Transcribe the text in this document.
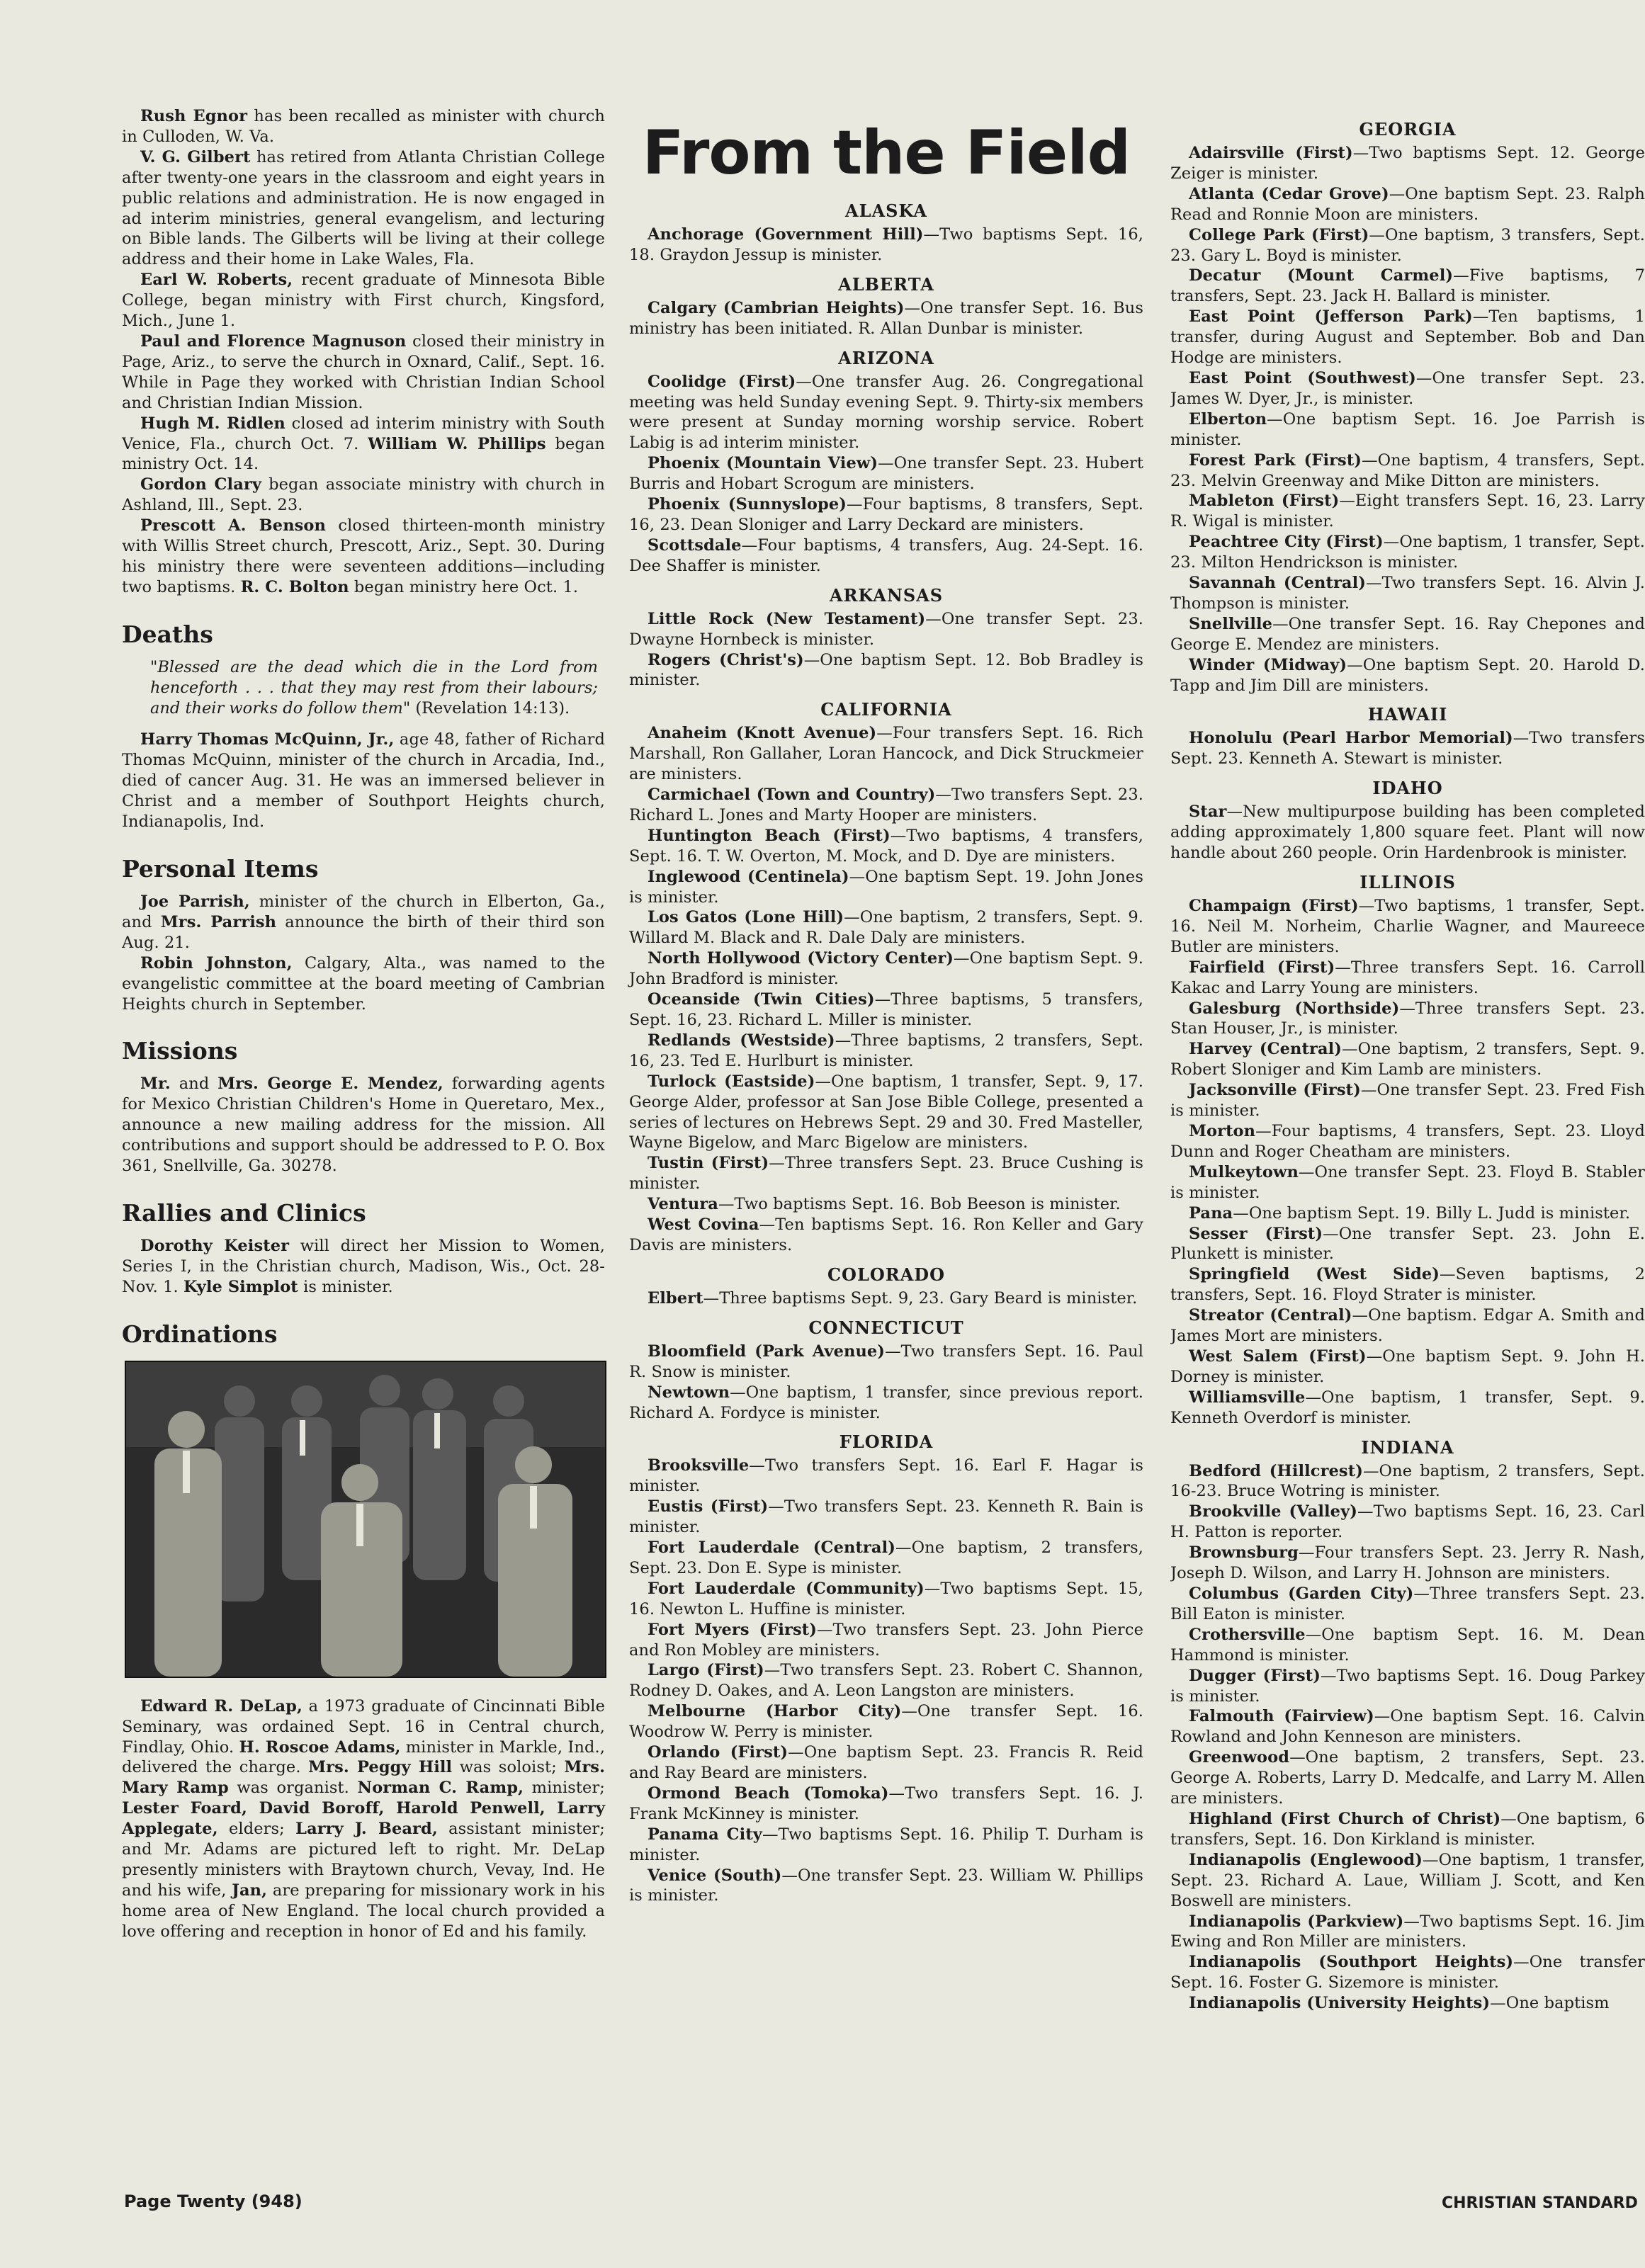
Rush Egnor has been recalled as minister with church in Culloden, W. Va.

V. G. Gilbert has retired from Atlanta Christian College after twenty-one years in the classroom and eight years in public relations and administration. He is now engaged in ad interim ministries, general evangelism, and lecturing on Bible lands. The Gilberts will be living at their college address and their home in Lake Wales, Fla.

Earl W. Roberts, recent graduate of Minnesota Bible College, began ministry with First church, Kingsford, Mich., June 1.

Paul and Florence Magnuson closed their ministry in Page, Ariz., to serve the church in Oxnard, Calif., Sept. 16. While in Page they worked with Christian Indian School and Christian Indian Mission.

Hugh M. Ridlen closed ad interim ministry with South Venice, Fla., church Oct. 7. William W. Phillips began ministry Oct. 14.

Gordon Clary began associate ministry with church in Ashland, Ill., Sept. 23.

Prescott A. Benson closed thirteen-month ministry with Willis Street church, Prescott, Ariz., Sept. 30. During his ministry there were seventeen additions—including two baptisms. R. C. Bolton began ministry here Oct. 1.

Deaths
"Blessed are the dead which die in the Lord from henceforth . . . that they may rest from their labours; and their works do follow them" (Revelation 14:13).

Harry Thomas McQuinn, Jr., age 48, father of Richard Thomas McQuinn, minister of the church in Arcadia, Ind., died of cancer Aug. 31. He was an immersed believer in Christ and a member of Southport Heights church, Indianapolis, Ind.

Personal Items

Joe Parrish, minister of the church in Elberton, Ga., and Mrs. Parrish announce the birth of their third son Aug. 21.

Robin Johnston, Calgary, Alta., was named to the evangelistic committee at the board meeting of Cambrian Heights church in September.

Missions

Mr. and Mrs. George E. Mendez, forwarding agents for Mexico Christian Children's Home in Queretaro, Mex., announce a new mailing address for the mission. All contributions and support should be addressed to P. O. Box 361, Snellville, Ga. 30278.

Rallies and Clinics

Dorothy Keister will direct her Mission to Women, Series I, in the Christian church, Madison, Wis., Oct. 28-Nov. 1. Kyle Simplot is minister.

Ordinations

Edward R. DeLap, a 1973 graduate of Cincinnati Bible Seminary, was ordained Sept. 16 in Central church, Findlay, Ohio. H. Roscoe Adams, minister in Markle, Ind., delivered the charge. Mrs. Peggy Hill was soloist; Mrs. Mary Ramp was organist. Norman C. Ramp, minister; Lester Foard, David Boroff, Harold Penwell, Larry Applegate, elders; Larry J. Beard, assistant minister; and Mr. Adams are pictured left to right. Mr. DeLap presently ministers with Braytown church, Vevay, Ind. He and his wife, Jan, are preparing for missionary work in his home area of New England. The local church provided a love offering and reception in honor of Ed and his family.

From the Field
ALASKA

Anchorage (Government Hill)—Two baptisms Sept. 16, 18. Graydon Jessup is minister.

ALBERTA

Calgary (Cambrian Heights)—One transfer Sept. 16. Bus ministry has been initiated. R. Allan Dunbar is minister.

ARIZONA

Coolidge (First)—One transfer Aug. 26. Congregational meeting was held Sunday evening Sept. 9. Thirty-six members were present at Sunday morning worship service. Robert Labig is ad interim minister.

Phoenix (Mountain View)—One transfer Sept. 23. Hubert Burris and Hobart Scrogum are ministers.

Phoenix (Sunnyslope)—Four baptisms, 8 transfers, Sept. 16, 23. Dean Sloniger and Larry Deckard are ministers.

Scottsdale—Four baptisms, 4 transfers, Aug. 24-Sept. 16. Dee Shaffer is minister.

ARKANSAS

Little Rock (New Testament)—One transfer Sept. 23. Dwayne Hornbeck is minister.

Rogers (Christ's)—One baptism Sept. 12. Bob Bradley is minister.

CALIFORNIA

Anaheim (Knott Avenue)—Four transfers Sept. 16. Rich Marshall, Ron Gallaher, Loran Hancock, and Dick Struckmeier are ministers.

Carmichael (Town and Country)—Two transfers Sept. 23. Richard L. Jones and Marty Hooper are ministers.

Huntington Beach (First)—Two baptisms, 4 transfers, Sept. 16. T. W. Overton, M. Mock, and D. Dye are ministers.

Inglewood (Centinela)—One baptism Sept. 19. John Jones is minister.

Los Gatos (Lone Hill)—One baptism, 2 transfers, Sept. 9. Willard M. Black and R. Dale Daly are ministers.

North Hollywood (Victory Center)—One baptism Sept. 9. John Bradford is minister.

Oceanside (Twin Cities)—Three baptisms, 5 transfers, Sept. 16, 23. Richard L. Miller is minister.

Redlands (Westside)—Three baptisms, 2 transfers, Sept. 16, 23. Ted E. Hurlburt is minister.

Turlock (Eastside)—One baptism, 1 transfer, Sept. 9, 17. George Alder, professor at San Jose Bible College, presented a series of lectures on Hebrews Sept. 29 and 30. Fred Masteller, Wayne Bigelow, and Marc Bigelow are ministers.

Tustin (First)—Three transfers Sept. 23. Bruce Cushing is minister.

Ventura—Two baptisms Sept. 16. Bob Beeson is minister.

West Covina—Ten baptisms Sept. 16. Ron Keller and Gary Davis are ministers.

COLORADO

Elbert—Three baptisms Sept. 9, 23. Gary Beard is minister.

CONNECTICUT

Bloomfield (Park Avenue)—Two transfers Sept. 16. Paul R. Snow is minister.

Newtown—One baptism, 1 transfer, since previous report. Richard A. Fordyce is minister.

FLORIDA

Brooksville—Two transfers Sept. 16. Earl F. Hagar is minister.

Eustis (First)—Two transfers Sept. 23. Kenneth R. Bain is minister.

Fort Lauderdale (Central)—One baptism, 2 transfers, Sept. 23. Don E. Sype is minister.

Fort Lauderdale (Community)—Two baptisms Sept. 15, 16. Newton L. Huffine is minister.

Fort Myers (First)—Two transfers Sept. 23. John Pierce and Ron Mobley are ministers.

Largo (First)—Two transfers Sept. 23. Robert C. Shannon, Rodney D. Oakes, and A. Leon Langston are ministers.

Melbourne (Harbor City)—One transfer Sept. 16. Woodrow W. Perry is minister.

Orlando (First)—One baptism Sept. 23. Francis R. Reid and Ray Beard are ministers.

Ormond Beach (Tomoka)—Two transfers Sept. 16. J. Frank McKinney is minister.

Panama City—Two baptisms Sept. 16. Philip T. Durham is minister.

Venice (South)—One transfer Sept. 23. William W. Phillips is minister.

GEORGIA

Adairsville (First)—Two baptisms Sept. 12. George Zeiger is minister.

Atlanta (Cedar Grove)—One baptism Sept. 23. Ralph Read and Ronnie Moon are ministers.

College Park (First)—One baptism, 3 transfers, Sept. 23. Gary L. Boyd is minister.

Decatur (Mount Carmel)—Five baptisms, 7 transfers, Sept. 23. Jack H. Ballard is minister.

East Point (Jefferson Park)—Ten baptisms, 1 transfer, during August and September. Bob and Dan Hodge are ministers.

East Point (Southwest)—One transfer Sept. 23. James W. Dyer, Jr., is minister.

Elberton—One baptism Sept. 16. Joe Parrish is minister.

Forest Park (First)—One baptism, 4 transfers, Sept. 23. Melvin Greenway and Mike Ditton are ministers.

Mableton (First)—Eight transfers Sept. 16, 23. Larry R. Wigal is minister.

Peachtree City (First)—One baptism, 1 transfer, Sept. 23. Milton Hendrickson is minister.

Savannah (Central)—Two transfers Sept. 16. Alvin J. Thompson is minister.

Snellville—One transfer Sept. 16. Ray Chepones and George E. Mendez are ministers.

Winder (Midway)—One baptism Sept. 20. Harold D. Tapp and Jim Dill are ministers.

HAWAII

Honolulu (Pearl Harbor Memorial)—Two transfers Sept. 23. Kenneth A. Stewart is minister.

IDAHO

Star—New multipurpose building has been completed adding approximately 1,800 square feet. Plant will now handle about 260 people. Orin Hardenbrook is minister.

ILLINOIS

Champaign (First)—Two baptisms, 1 transfer, Sept. 16. Neil M. Norheim, Charlie Wagner, and Maureece Butler are ministers.

Fairfield (First)—Three transfers Sept. 16. Carroll Kakac and Larry Young are ministers.

Galesburg (Northside)—Three transfers Sept. 23. Stan Houser, Jr., is minister.

Harvey (Central)—One baptism, 2 transfers, Sept. 9. Robert Sloniger and Kim Lamb are ministers.

Jacksonville (First)—One transfer Sept. 23. Fred Fish is minister.

Morton—Four baptisms, 4 transfers, Sept. 23. Lloyd Dunn and Roger Cheatham are ministers.

Mulkeytown—One transfer Sept. 23. Floyd B. Stabler is minister.

Pana—One baptism Sept. 19. Billy L. Judd is minister.

Sesser (First)—One transfer Sept. 23. John E. Plunkett is minister.

Springfield (West Side)—Seven baptisms, 2 transfers, Sept. 16. Floyd Strater is minister.

Streator (Central)—One baptism. Edgar A. Smith and James Mort are ministers.

West Salem (First)—One baptism Sept. 9. John H. Dorney is minister.

Williamsville—One baptism, 1 transfer, Sept. 9. Kenneth Overdorf is minister.

INDIANA

Bedford (Hillcrest)—One baptism, 2 transfers, Sept. 16-23. Bruce Wotring is minister.

Brookville (Valley)—Two baptisms Sept. 16, 23. Carl H. Patton is reporter.

Brownsburg—Four transfers Sept. 23. Jerry R. Nash, Joseph D. Wilson, and Larry H. Johnson are ministers.

Columbus (Garden City)—Three transfers Sept. 23. Bill Eaton is minister.

Crothersville—One baptism Sept. 16. M. Dean Hammond is minister.

Dugger (First)—Two baptisms Sept. 16. Doug Parkey is minister.

Falmouth (Fairview)—One baptism Sept. 16. Calvin Rowland and John Kenneson are ministers.

Greenwood—One baptism, 2 transfers, Sept. 23. George A. Roberts, Larry D. Medcalfe, and Larry M. Allen are ministers.

Highland (First Church of Christ)—One baptism, 6 transfers, Sept. 16. Don Kirkland is minister.

Indianapolis (Englewood)—One baptism, 1 transfer, Sept. 23. Richard A. Laue, William J. Scott, and Ken Boswell are ministers.

Indianapolis (Parkview)—Two baptisms Sept. 16. Jim Ewing and Ron Miller are ministers.

Indianapolis (Southport Heights)—One transfer Sept. 16. Foster G. Sizemore is minister.

Indianapolis (University Heights)—One baptism

Page Twenty (948)	CHRISTIAN STANDARD
